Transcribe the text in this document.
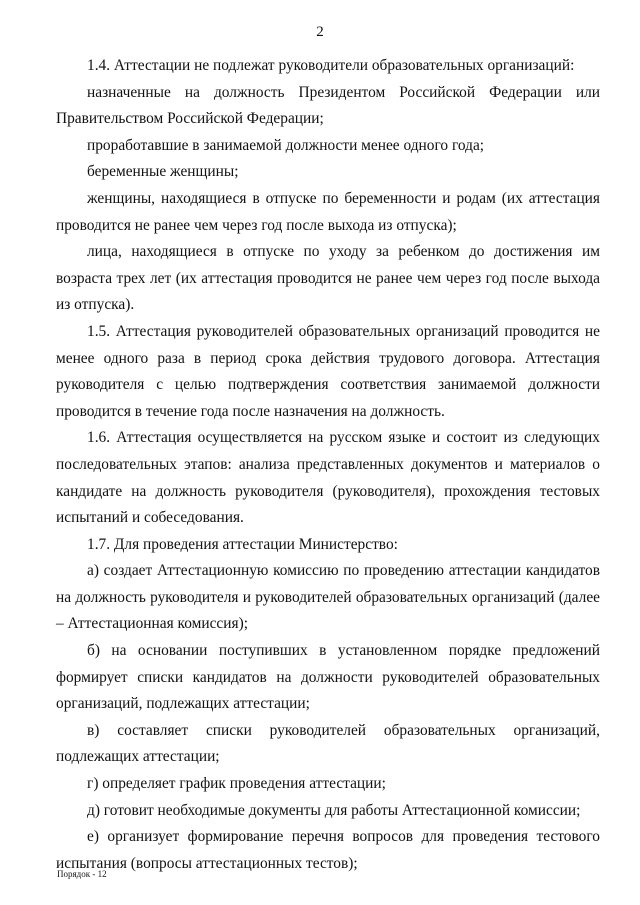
2

1.4. Аттестации не подлежат руководители образовательных организаций:

назначенные на должность Президентом Российской Федерации или Правительством Российской Федерации;

проработавшие в занимаемой должности менее одного года;

беременные женщины;

женщины, находящиеся в отпуске по беременности и родам (их аттестация проводится не ранее чем через год после выхода из отпуска);

лица, находящиеся в отпуске по уходу за ребенком до достижения им возраста трех лет (их аттестация проводится не ранее чем через год после выхода из отпуска).

1.5. Аттестация руководителей образовательных организаций проводится не менее одного раза в период срока действия трудового договора. Аттестация руководителя с целью подтверждения соответствия занимаемой должности проводится в течение года после назначения на должность.

1.6. Аттестация осуществляется на русском языке и состоит из следующих последовательных этапов: анализа представленных документов и материалов о кандидате на должность руководителя (руководителя), прохождения тестовых испытаний и собеседования.

1.7. Для проведения аттестации Министерство:

а) создает Аттестационную комиссию по проведению аттестации кандидатов на должность руководителя и руководителей образовательных организаций (далее – Аттестационная комиссия);

б) на основании поступивших в установленном порядке предложений формирует списки кандидатов на должности руководителей образовательных организаций, подлежащих аттестации;

в) составляет списки руководителей образовательных организаций, подлежащих аттестации;

г) определяет график проведения аттестации;

д) готовит необходимые документы для работы Аттестационной комиссии;

е) организует формирование перечня вопросов для проведения тестового испытания (вопросы аттестационных тестов);

Порядок - 12
